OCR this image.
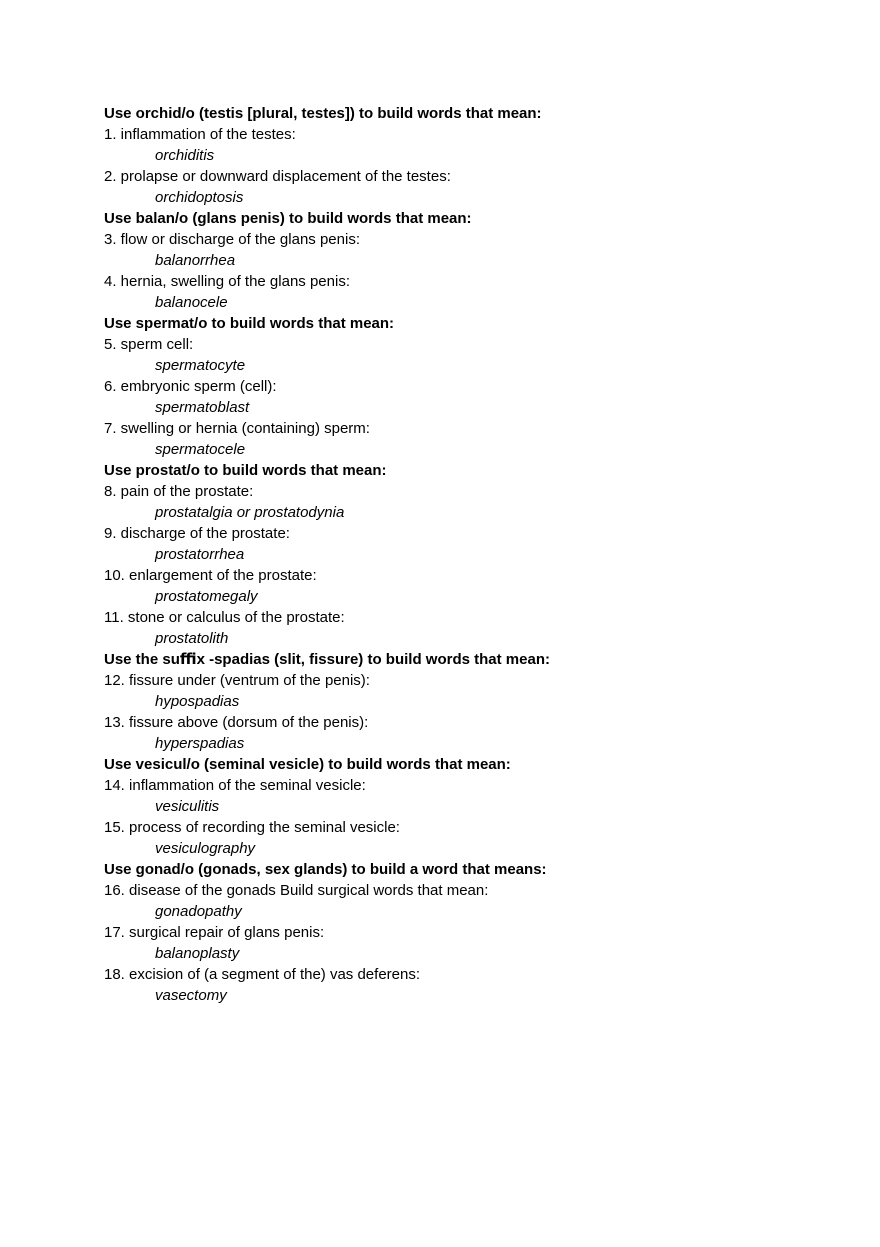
Use orchid/o (testis [plural, testes]) to build words that mean:
1. inflammation of the testes:
orchiditis
2. prolapse or downward displacement of the testes:
orchidoptosis
Use balan/o (glans penis) to build words that mean:
3. flow or discharge of the glans penis:
balanorrhea
4. hernia, swelling of the glans penis:
balanocele
Use spermat/o to build words that mean:
5. sperm cell:
spermatocyte
6. embryonic sperm (cell):
spermatoblast
7. swelling or hernia (containing) sperm:
spermatocele
Use prostat/o to build words that mean:
8. pain of the prostate:
prostatalgia or prostatodynia
9. discharge of the prostate:
prostatorrhea
10. enlargement of the prostate:
prostatomegaly
11. stone or calculus of the prostate:
prostatolith
Use the suﬃx -spadias (slit, ﬁssure) to build words that mean:
12. fissure under (ventrum of the penis):
hypospadias
13. fissure above (dorsum of the penis):
hyperspadias
Use vesicul/o (seminal vesicle) to build words that mean:
14. inflammation of the seminal vesicle:
vesiculitis
15. process of recording the seminal vesicle:
vesiculography
Use gonad/o (gonads, sex glands) to build a word that means:
16. disease of the gonads Build surgical words that mean:
gonadopathy
17. surgical repair of glans penis:
balanoplasty
18. excision of (a segment of the) vas deferens:
vasectomy
